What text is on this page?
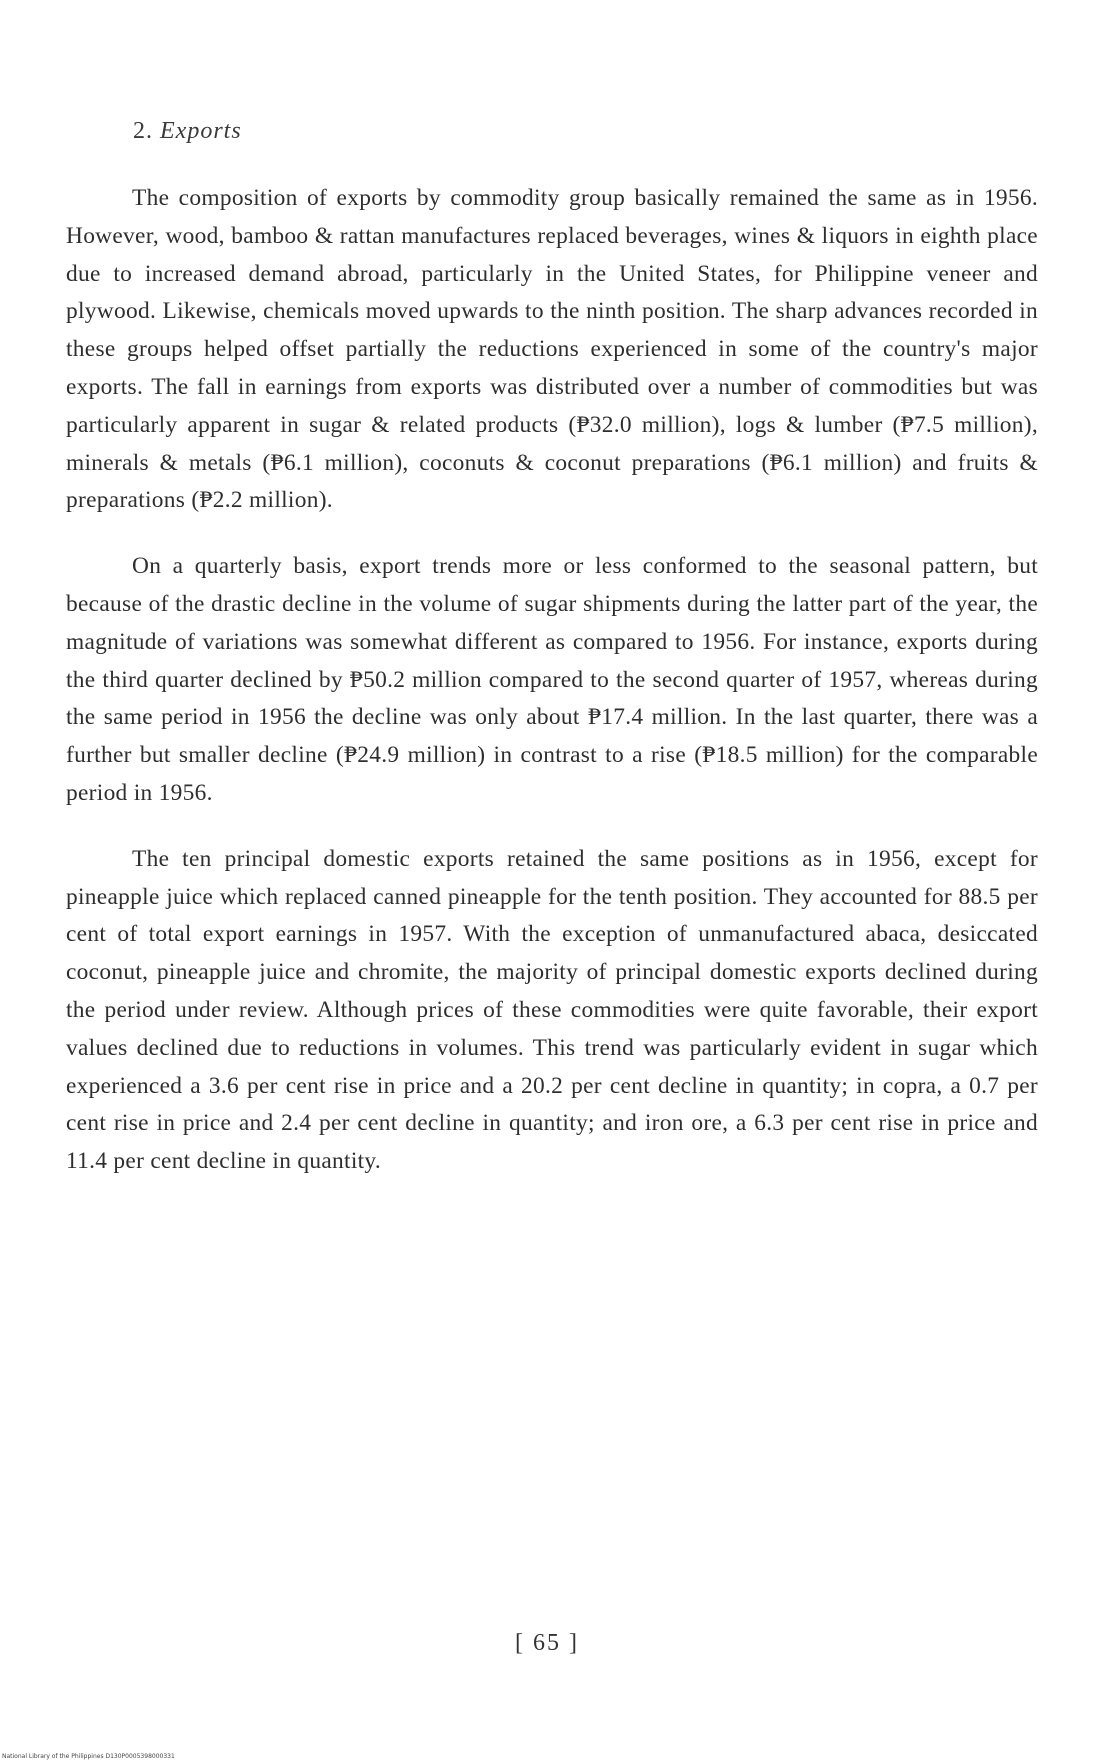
2. Exports

The composition of exports by commodity group basically remained the same as in 1956. However, wood, bamboo & rattan manufactures replaced beverages, wines & liquors in eighth place due to increased demand abroad, particularly in the United States, for Philippine veneer and plywood. Likewise, chemicals moved upwards to the ninth position. The sharp advances recorded in these groups helped offset partially the reductions experienced in some of the country's major exports. The fall in earnings from exports was distributed over a number of commodities but was particularly apparent in sugar & related products (₱32.0 million), logs & lumber (₱7.5 million), minerals & metals (₱6.1 million), coconuts & coconut preparations (₱6.1 million) and fruits & preparations (₱2.2 million).

On a quarterly basis, export trends more or less conformed to the seasonal pattern, but because of the drastic decline in the volume of sugar shipments during the latter part of the year, the magnitude of variations was somewhat different as compared to 1956. For instance, exports during the third quarter declined by ₱50.2 million compared to the second quarter of 1957, whereas during the same period in 1956 the decline was only about ₱17.4 million. In the last quarter, there was a further but smaller decline (₱24.9 million) in contrast to a rise (₱18.5 million) for the comparable period in 1956.

The ten principal domestic exports retained the same positions as in 1956, except for pineapple juice which replaced canned pineapple for the tenth position. They accounted for 88.5 per cent of total export earnings in 1957. With the exception of unmanufactured abaca, desiccated coconut, pineapple juice and chromite, the majority of principal domestic exports declined during the period under review. Although prices of these commodities were quite favorable, their export values declined due to reductions in volumes. This trend was particularly evident in sugar which experienced a 3.6 per cent rise in price and a 20.2 per cent decline in quantity; in copra, a 0.7 per cent rise in price and 2.4 per cent decline in quantity; and iron ore, a 6.3 per cent rise in price and 11.4 per cent decline in quantity.

[ 65 ]
National Library of the Philippines D130P0005398000331
